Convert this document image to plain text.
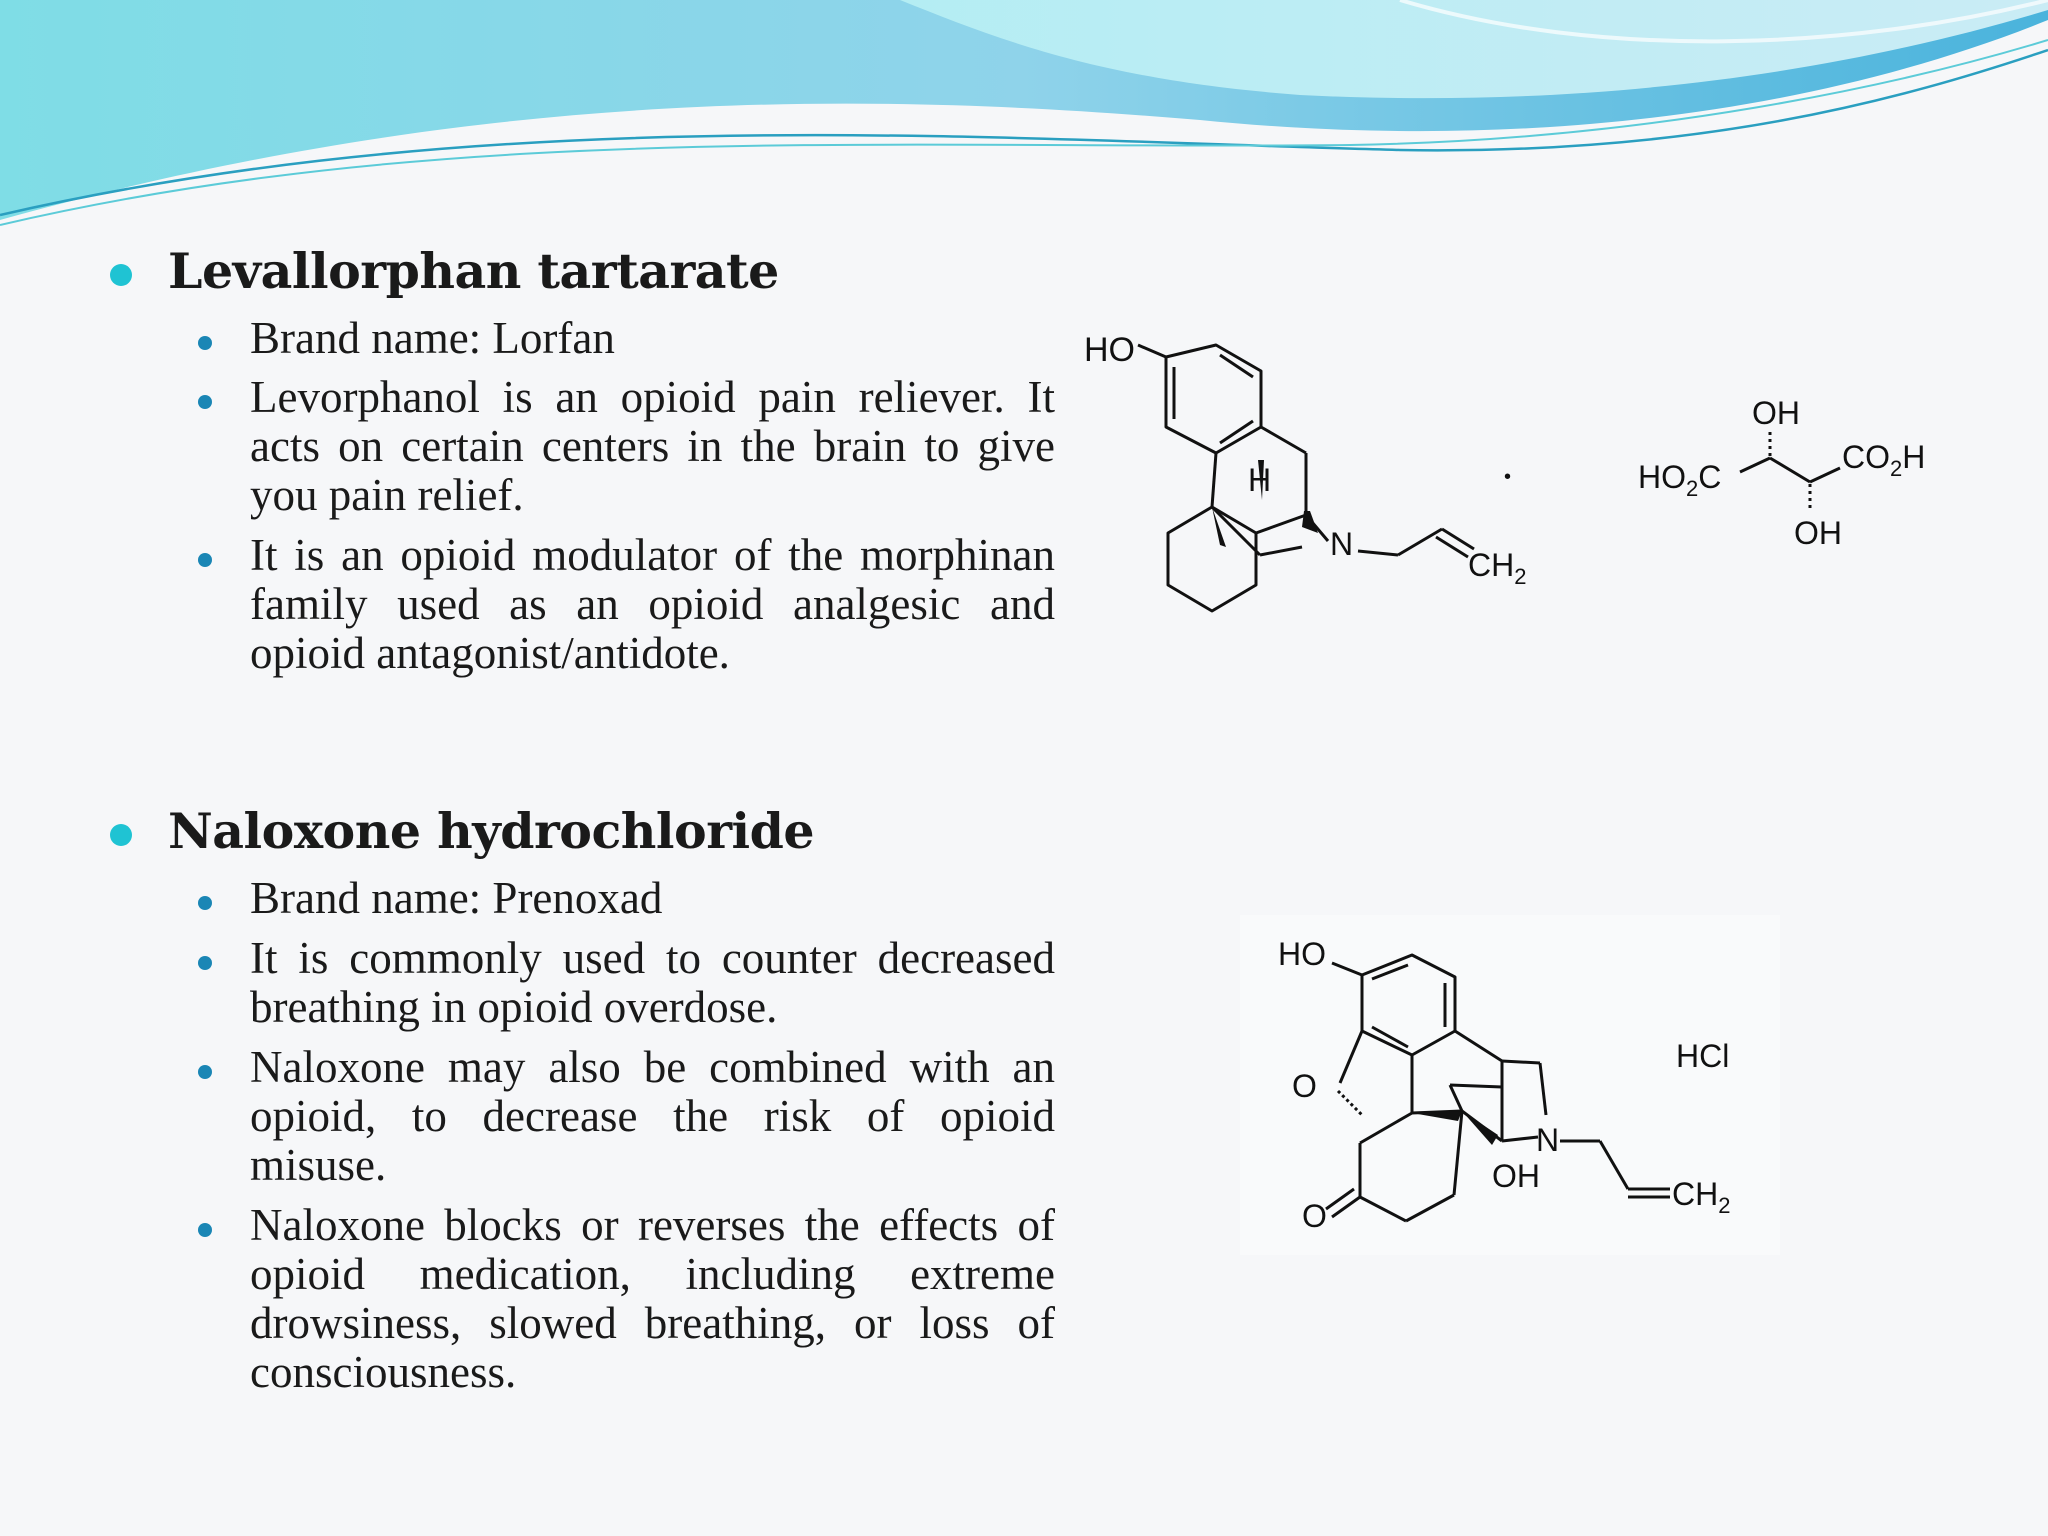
Levallorphan tartarate
Brand name: Lorfan
Levorphanol is an opioid pain reliever. It acts on certain centers in the brain to give you pain relief.
It is an opioid modulator of the morphinan family used as an opioid analgesic and opioid antagonist/antidote.
Naloxone hydrochloride
Brand name: Prenoxad
It is commonly used to counter decreased breathing in opioid overdose.
Naloxone may also be combined with an opioid, to decrease the risk of opioid misuse.
Naloxone blocks or reverses the effects of opioid medication, including extreme drowsiness, slowed breathing, or loss of consciousness.
HO
H
N
$CH_2$
•
OH
OH
$HO_2C$
$CO_2H$
HO
O
O
OH
N
$CH_2$
HCl
